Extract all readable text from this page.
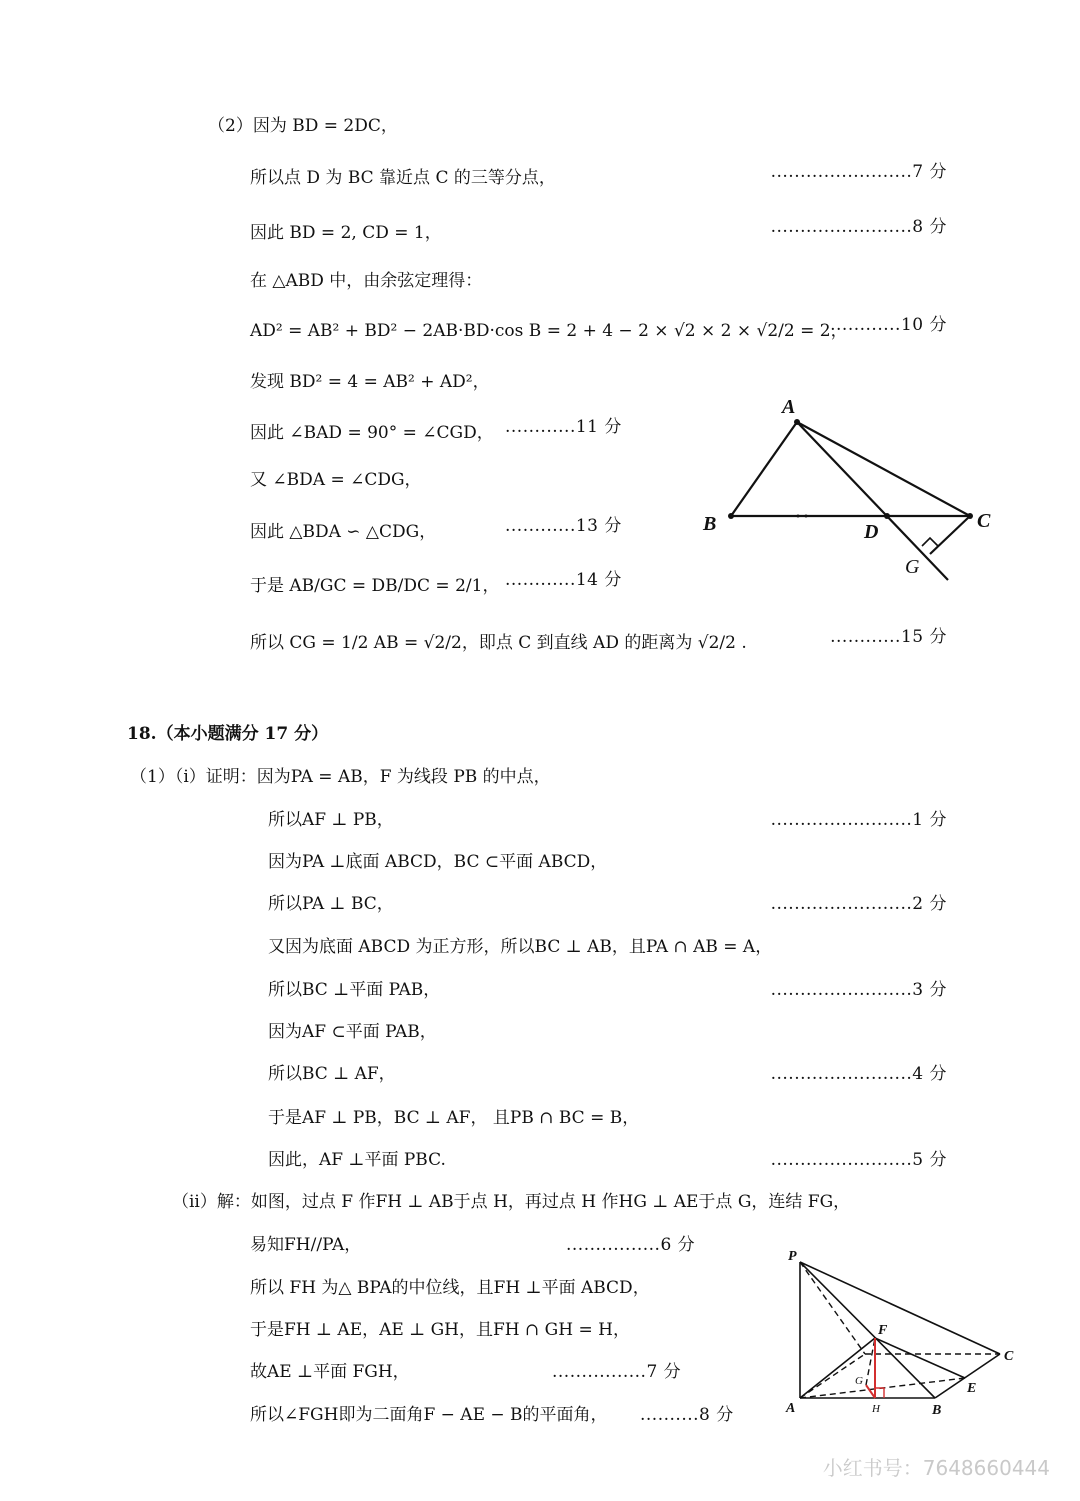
（2）因为 BD = 2DC，
所以点 D 为 BC 靠近点 C 的三等分点，	........................7 分
因此 BD = 2, CD = 1，	........................8 分
在 △ABD 中，由余弦定理得：
AD² = AB² + BD² − 2AB·BD·cos B = 2 + 4 − 2 × √2 × 2 × √2/2 = 2，
............10 分
发现 BD² = 4 = AB² + AD²，
因此 ∠BAD = 90° = ∠CGD， ............11 分
又 ∠BDA = ∠CDG，
因此 △BDA ∽ △CDG，	............13 分
于是 AB/GC = DB/DC = 2/1， ............14 分
所以 CG = 1/2 AB = √2/2，即点 C 到直线 AD 的距离为 √2/2 .	............15 分
A
B	C
D
G
18.（本小题满分 17 分）
（1）（i）证明：因为PA = AB，F 为线段 PB 的中点，
所以AF ⊥ PB，	........................1 分
因为PA ⊥底面 ABCD，BC ⊂平面 ABCD，
所以PA ⊥ BC，	........................2 分
又因为底面 ABCD 为正方形，所以BC ⊥ AB，且PA ∩ AB = A，
所以BC ⊥平面 PAB，	........................3 分
因为AF ⊂平面 PAB，
所以BC ⊥ AF，	........................4 分
于是AF ⊥ PB，BC ⊥ AF， 且PB ∩ BC = B，
因此，AF ⊥平面 PBC.	........................5 分
（ii）解：如图，过点 F 作FH ⊥ AB于点 H，再过点 H 作HG ⊥ AE于点 G，连结 FG，
易知FH//PA，	................6 分
所以 FH 为△ BPA的中位线，且FH ⊥平面 ABCD，
于是FH ⊥ AE，AE ⊥ GH，且FH ∩ GH = H，
故AE ⊥平面 FGH，	................7 分
所以∠FGH即为二面角F − AE − B的平面角， ..........8 分
P
F
C
G	E
A	H	B
小红书号：7648660444
